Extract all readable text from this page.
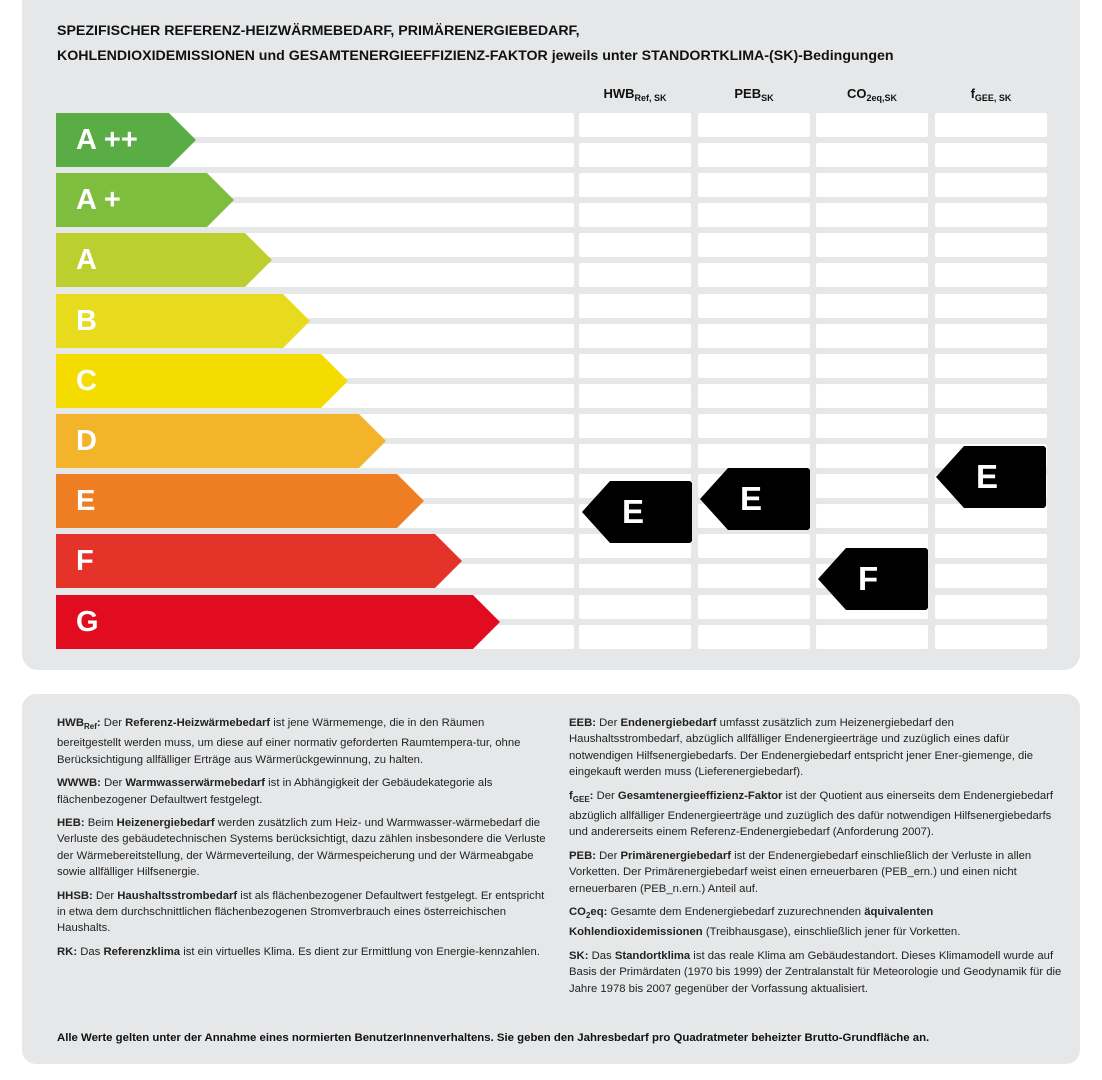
SPEZIFISCHER REFERENZ-HEIZWÄRMEBEDARF, PRIMÄRENERGIEBEDARF,
KOHLENDIOXIDEMISSIONEN und GESAMTENERGIEEFFIZIENZ-FAKTOR jeweils unter STANDORTKLIMA-(SK)-Bedingungen
$HWB_{Ref, SK}$	$PEB_{SK}$	$CO_{2eq,SK}$	$f_{GEE, SK}$
A ++
A +
A
B
C
D
E
F
G
E	E
F
E

$HWB_{Ref}$: Der Referenz-Heizwärmebedarf ist jene Wärmemenge, die in den Räumen bereitgestellt werden muss, um diese auf einer normativ geforderten Raumtempera-tur, ohne Berücksichtigung allfälliger Erträge aus Wärmerückgewinnung, zu halten.

WWWB: Der Warmwasserwärmebedarf ist in Abhängigkeit der Gebäudekategorie als flächenbezogener Defaultwert festgelegt.

HEB: Beim Heizenergiebedarf werden zusätzlich zum Heiz- und Warmwasser-wärmebedarf die Verluste des gebäudetechnischen Systems berücksichtigt, dazu zählen insbesondere die Verluste der Wärmebereitstellung, der Wärmeverteilung, der Wärmespeicherung und der Wärmeabgabe sowie allfälliger Hilfsenergie.

HHSB: Der Haushaltsstrombedarf ist als flächenbezogener Defaultwert festgelegt. Er entspricht in etwa dem durchschnittlichen flächenbezogenen Stromverbrauch eines österreichischen Haushalts.

RK: Das Referenzklima ist ein virtuelles Klima. Es dient zur Ermittlung von Energie-kennzahlen.

EEB: Der Endenergiebedarf umfasst zusätzlich zum Heizenergiebedarf den Haushaltsstrombedarf, abzüglich allfälliger Endenergieerträge und zuzüglich eines dafür notwendigen Hilfsenergiebedarfs. Der Endenergiebedarf entspricht jener Ener-giemenge, die eingekauft werden muss (Lieferenergiebedarf).

$f_{GEE}$: Der Gesamtenergieeffizienz-Faktor ist der Quotient aus einerseits dem Endenergiebedarf abzüglich allfälliger Endenergieerträge und zuzüglich des dafür notwendigen Hilfsenergiebedarfs und andererseits einem Referenz-Endenergiebedarf (Anforderung 2007).

PEB: Der Primärenergiebedarf ist der Endenergiebedarf einschließlich der Verluste in allen Vorketten. Der Primärenergiebedarf weist einen erneuerbaren (PEB_ern.) und einen nicht erneuerbaren (PEB_n.ern.) Anteil auf.

$CO_2eq$: Gesamte dem Endenergiebedarf zuzurechnenden äquivalenten Kohlendioxidemissionen (Treibhausgase), einschließlich jener für Vorketten.

SK: Das Standortklima ist das reale Klima am Gebäudestandort. Dieses Klimamodell wurde auf Basis der Primärdaten (1970 bis 1999) der Zentralanstalt für Meteorologie und Geodynamik für die Jahre 1978 bis 2007 gegenüber der Vorfassung aktualisiert.

Alle Werte gelten unter der Annahme eines normierten BenutzerInnenverhaltens. Sie geben den Jahresbedarf pro Quadratmeter beheizter Brutto-Grundfläche an.
